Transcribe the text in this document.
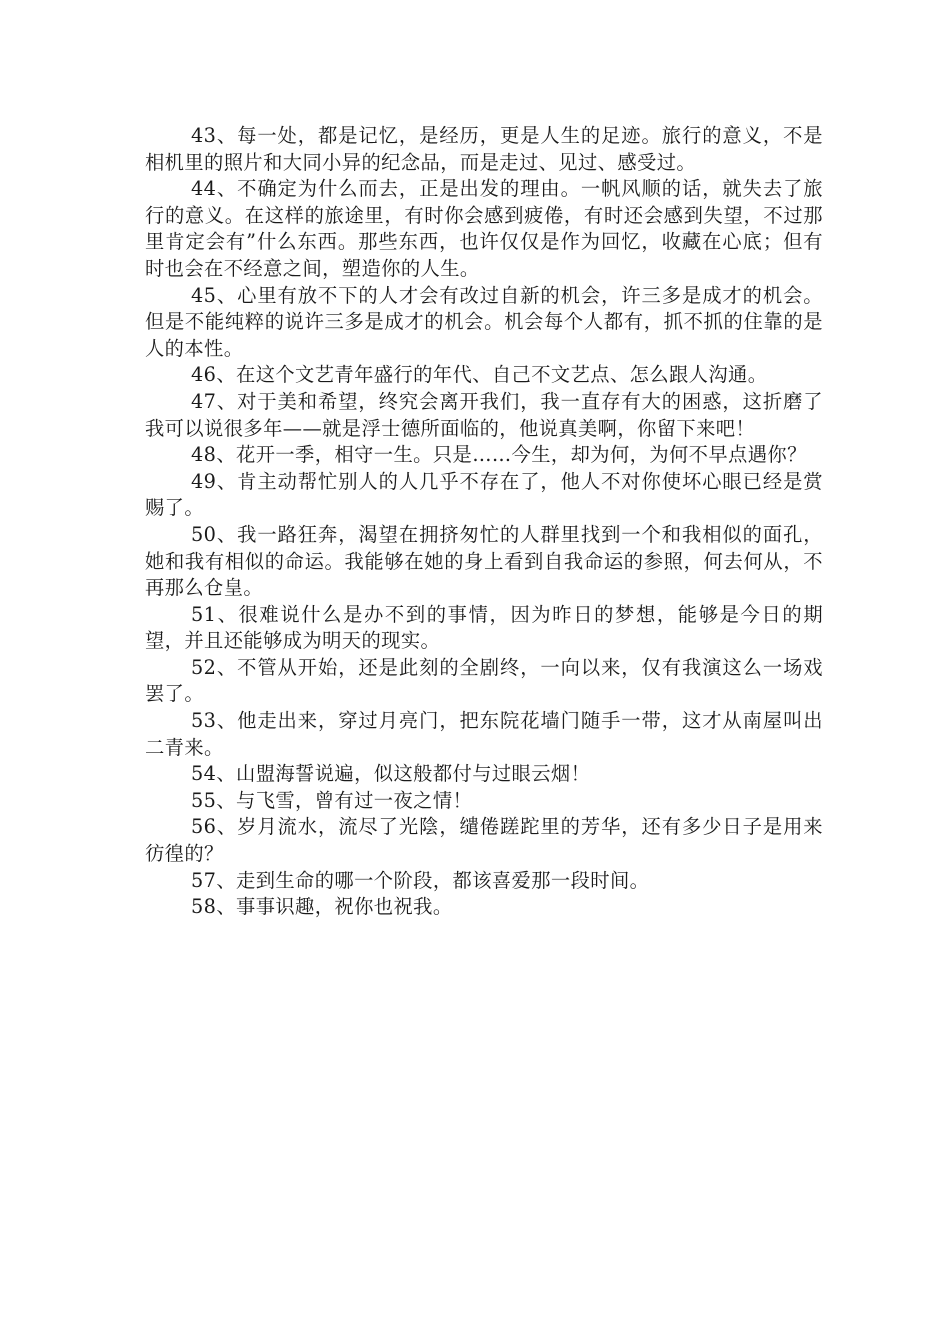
43、每一处，都是记忆，是经历，更是人生的足迹。旅行的意义，不是相机里的照片和大同小异的纪念品，而是走过、见过、感受过。

44、不确定为什么而去，正是出发的理由。一帆风顺的话，就失去了旅行的意义。在这样的旅途里，有时你会感到疲倦，有时还会感到失望，不过那里肯定会有”什么东西。那些东西，也许仅仅是作为回忆，收藏在心底；但有时也会在不经意之间，塑造你的人生。

45、心里有放不下的人才会有改过自新的机会，许三多是成才的机会。但是不能纯粹的说许三多是成才的机会。机会每个人都有，抓不抓的住靠的是人的本性。

46、在这个文艺青年盛行的年代、自己不文艺点、怎么跟人沟通。

47、对于美和希望，终究会离开我们，我一直存有大的困惑，这折磨了我可以说很多年——就是浮士德所面临的，他说真美啊，你留下来吧！

48、花开一季，相守一生。只是……今生，却为何，为何不早点遇你？

49、肯主动帮忙别人的人几乎不存在了，他人不对你使坏心眼已经是赏赐了。

50、我一路狂奔，渴望在拥挤匆忙的人群里找到一个和我相似的面孔，她和我有相似的命运。我能够在她的身上看到自我命运的参照，何去何从，不再那么仓皇。

51、很难说什么是办不到的事情，因为昨日的梦想，能够是今日的期望，并且还能够成为明天的现实。

52、不管从开始，还是此刻的全剧终，一向以来，仅有我演这么一场戏罢了。

53、他走出来，穿过月亮门，把东院花墙门随手一带，这才从南屋叫出二青来。

54、山盟海誓说遍，似这般都付与过眼云烟！

55、与飞雪，曾有过一夜之情！

56、岁月流水，流尽了光陰，缱倦蹉跎里的芳华，还有多少日子是用来彷徨的？

57、走到生命的哪一个阶段，都该喜爱那一段时间。

58、事事识趣，祝你也祝我。
